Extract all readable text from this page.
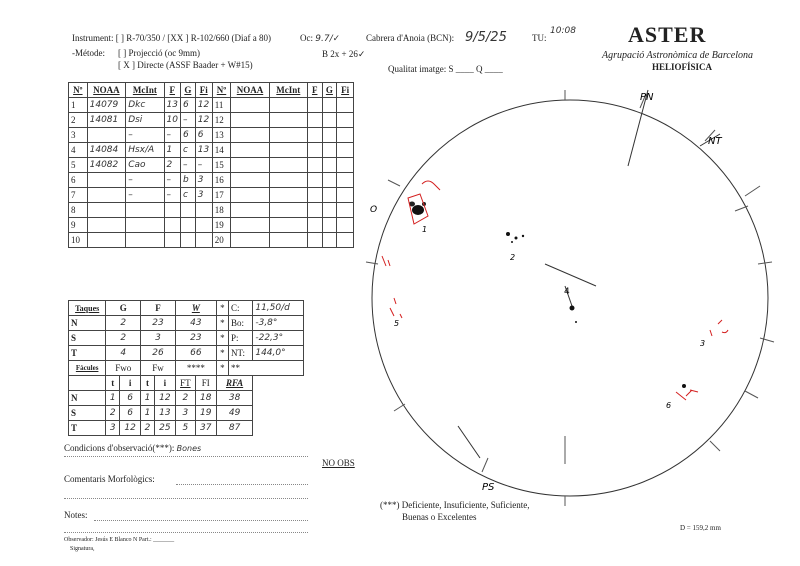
Instrument: [ ] R-70/350 / [XX ] R-102/660 (Diaf a 80)	Oc: 9.7/✓	Cabrera d'Anoia (BCN): 9/5/25	TU:
10:08
-Métode: [ ] Projecció (oc 9mm)
[ X ] Directe (ASSF Baader + W#15)
B 2x + 26✓
Qualitat imatge: S ____ Q ____
ASTER
Agrupació Astronòmica de Barcelona
HELIOFÍSICA
Nº	NOAA	McInt	F	G	Fi	Nº	NOAA	McInt	F	G	Fi
1	14079	Dkc	13	6	12	11					
2	14081	Dsi	10	–	12	12					
3		–	–	6	6	13					
4	14084	Hsx/A	1	c	13	14					
5	14082	Cao	2	–	–	15					
6		–	–	b	3	16					
7		–	–	c	3	17					
8						18					
9						19					
10						20					
Taques	G		F		W		*	C:	11,50/d
N	2		23		43		*	Bo:	-3,8°
S	2		3		23		*	P:	-22,3°
T	4		26		66		*	NT:	144,0°
Fàcules	Fwo		Fw		****		*	**	
	t	i	t	i	FT	FI	RFA		
N	1	6	1	12	2	18	38		
S	2	6	1	13	3	19	49		
T	3	12	2	25	5	37	87		
Condicions d'observació(***): Bones
Comentaris Morfològics:
Notes:
Observador: Jesús E Blanco N Part.: _______
Signatura,
NO OBS
(***) Deficiente, Insuficiente, Suficiente,
Buenas o Excelentes
D = 159,2 mm
PN
NT
PS
O
1
2
4
3
6
5
